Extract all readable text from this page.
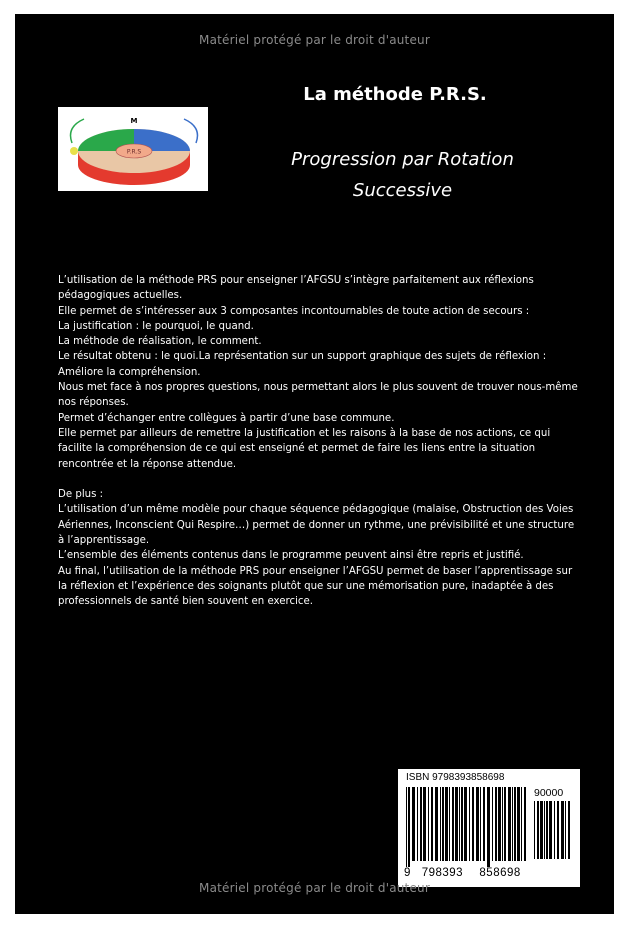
Matériel protégé par le droit d'auteur
P.R.S
M
La méthode P.R.S.
Progression par Rotation
Successive

L’utilisation de la méthode PRS pour enseigner l’AFGSU s’intègre parfaitement aux réflexions pédagogiques actuelles.

Elle permet de s’intéresser aux 3 composantes incontournables de toute action de secours :

La justification : le pourquoi, le quand.

La méthode de réalisation, le comment.

Le résultat obtenu : le quoi.La représentation sur un support graphique des sujets de réflexion : Améliore la compréhension.

Nous met face à nos propres questions, nous permettant alors le plus souvent de trouver nous-même nos réponses.

Permet d’échanger entre collègues à partir d’une base commune.

Elle permet par ailleurs de remettre la justification et les raisons à la base de nos actions, ce qui facilite la compréhension de ce qui est enseigné et permet de faire les liens entre la situation rencontrée et la réponse attendue.

De plus :

L’utilisation d’un même modèle pour chaque séquence pédagogique (malaise, Obstruction des Voies Aériennes, Inconscient Qui Respire…) permet de donner un rythme, une prévisibilité et une structure à l’apprentissage.

L’ensemble des éléments contenus dans le programme peuvent ainsi être repris et justifié.

Au final, l’utilisation de la méthode PRS pour enseigner l’AFGSU permet de baser l’apprentissage sur la réflexion et l’expérience des soignants plutôt que sur une mémorisation pure, inadaptée à des professionnels de santé bien souvent en exercice.

ISBN 9798393858698
90000
9 798393 858698
Matériel protégé par le droit d'auteur
